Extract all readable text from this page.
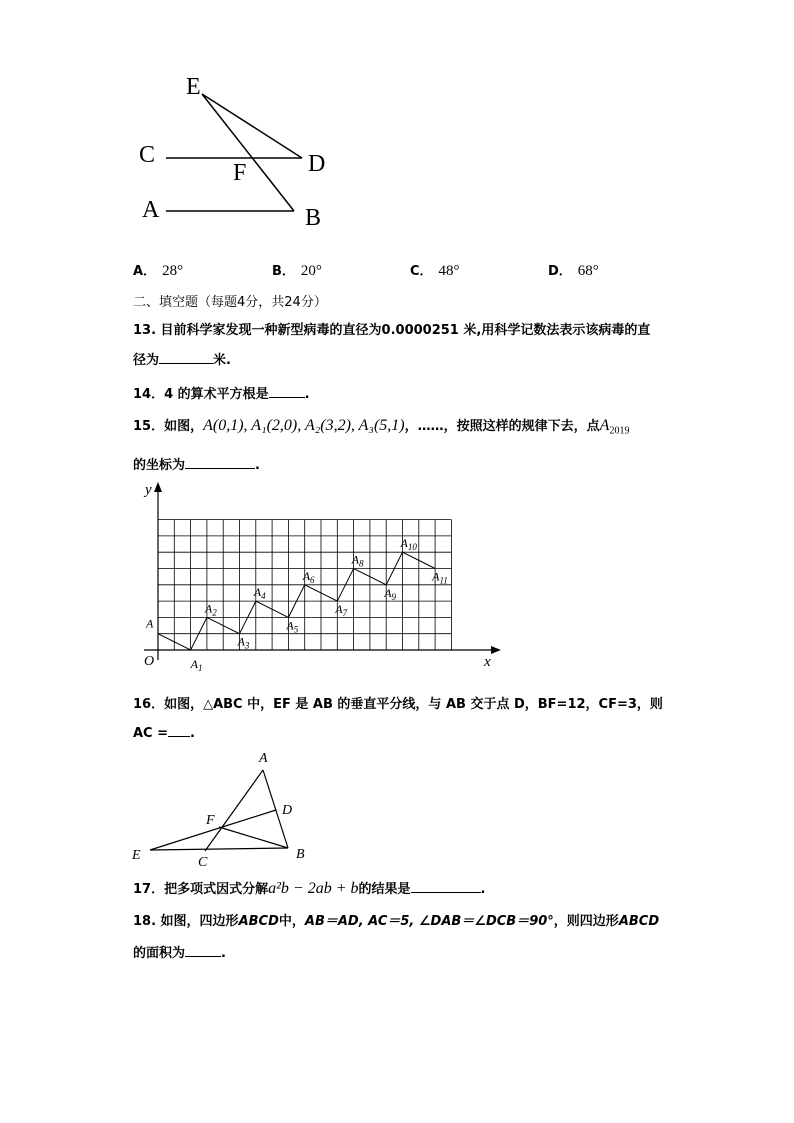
E
C
F	D
A	B
A． 28°	B． 20°	C． 48°	D． 68°
二、填空题（每题4分，共24分）
13. 目前科学家发现一种新型病毒的直径为0.0000251 米,用科学记数法表示该病毒的直
径为	米.
14．4 的算术平方根是	.
15．如图，A(0,1), A₁(2,0), A₂(3,2), A₃(5,1)，……，按照这样的规律下去，点$A_{2019}$
的坐标为	.
y
x
O
A
$A_1$
$A_2$
$A_3$
$A_4$
$A_5$
$A_6$
$A_7$
$A_8$
$A_9$
$A_{10}$
$A_{11}$
16．如图，△ABC 中，EF 是 AB 的垂直平分线，与 AB 交于点 D，BF=12，CF=3，则
AC = .
A
D
F
E	C
B
17．把多项式因式分解a²b − 2ab + b的结果是	.
18. 如图，四边形ABCD中，AB＝AD, AC＝5, ∠DAB＝∠DCB＝90°，则四边形ABCD
的面积为	.
